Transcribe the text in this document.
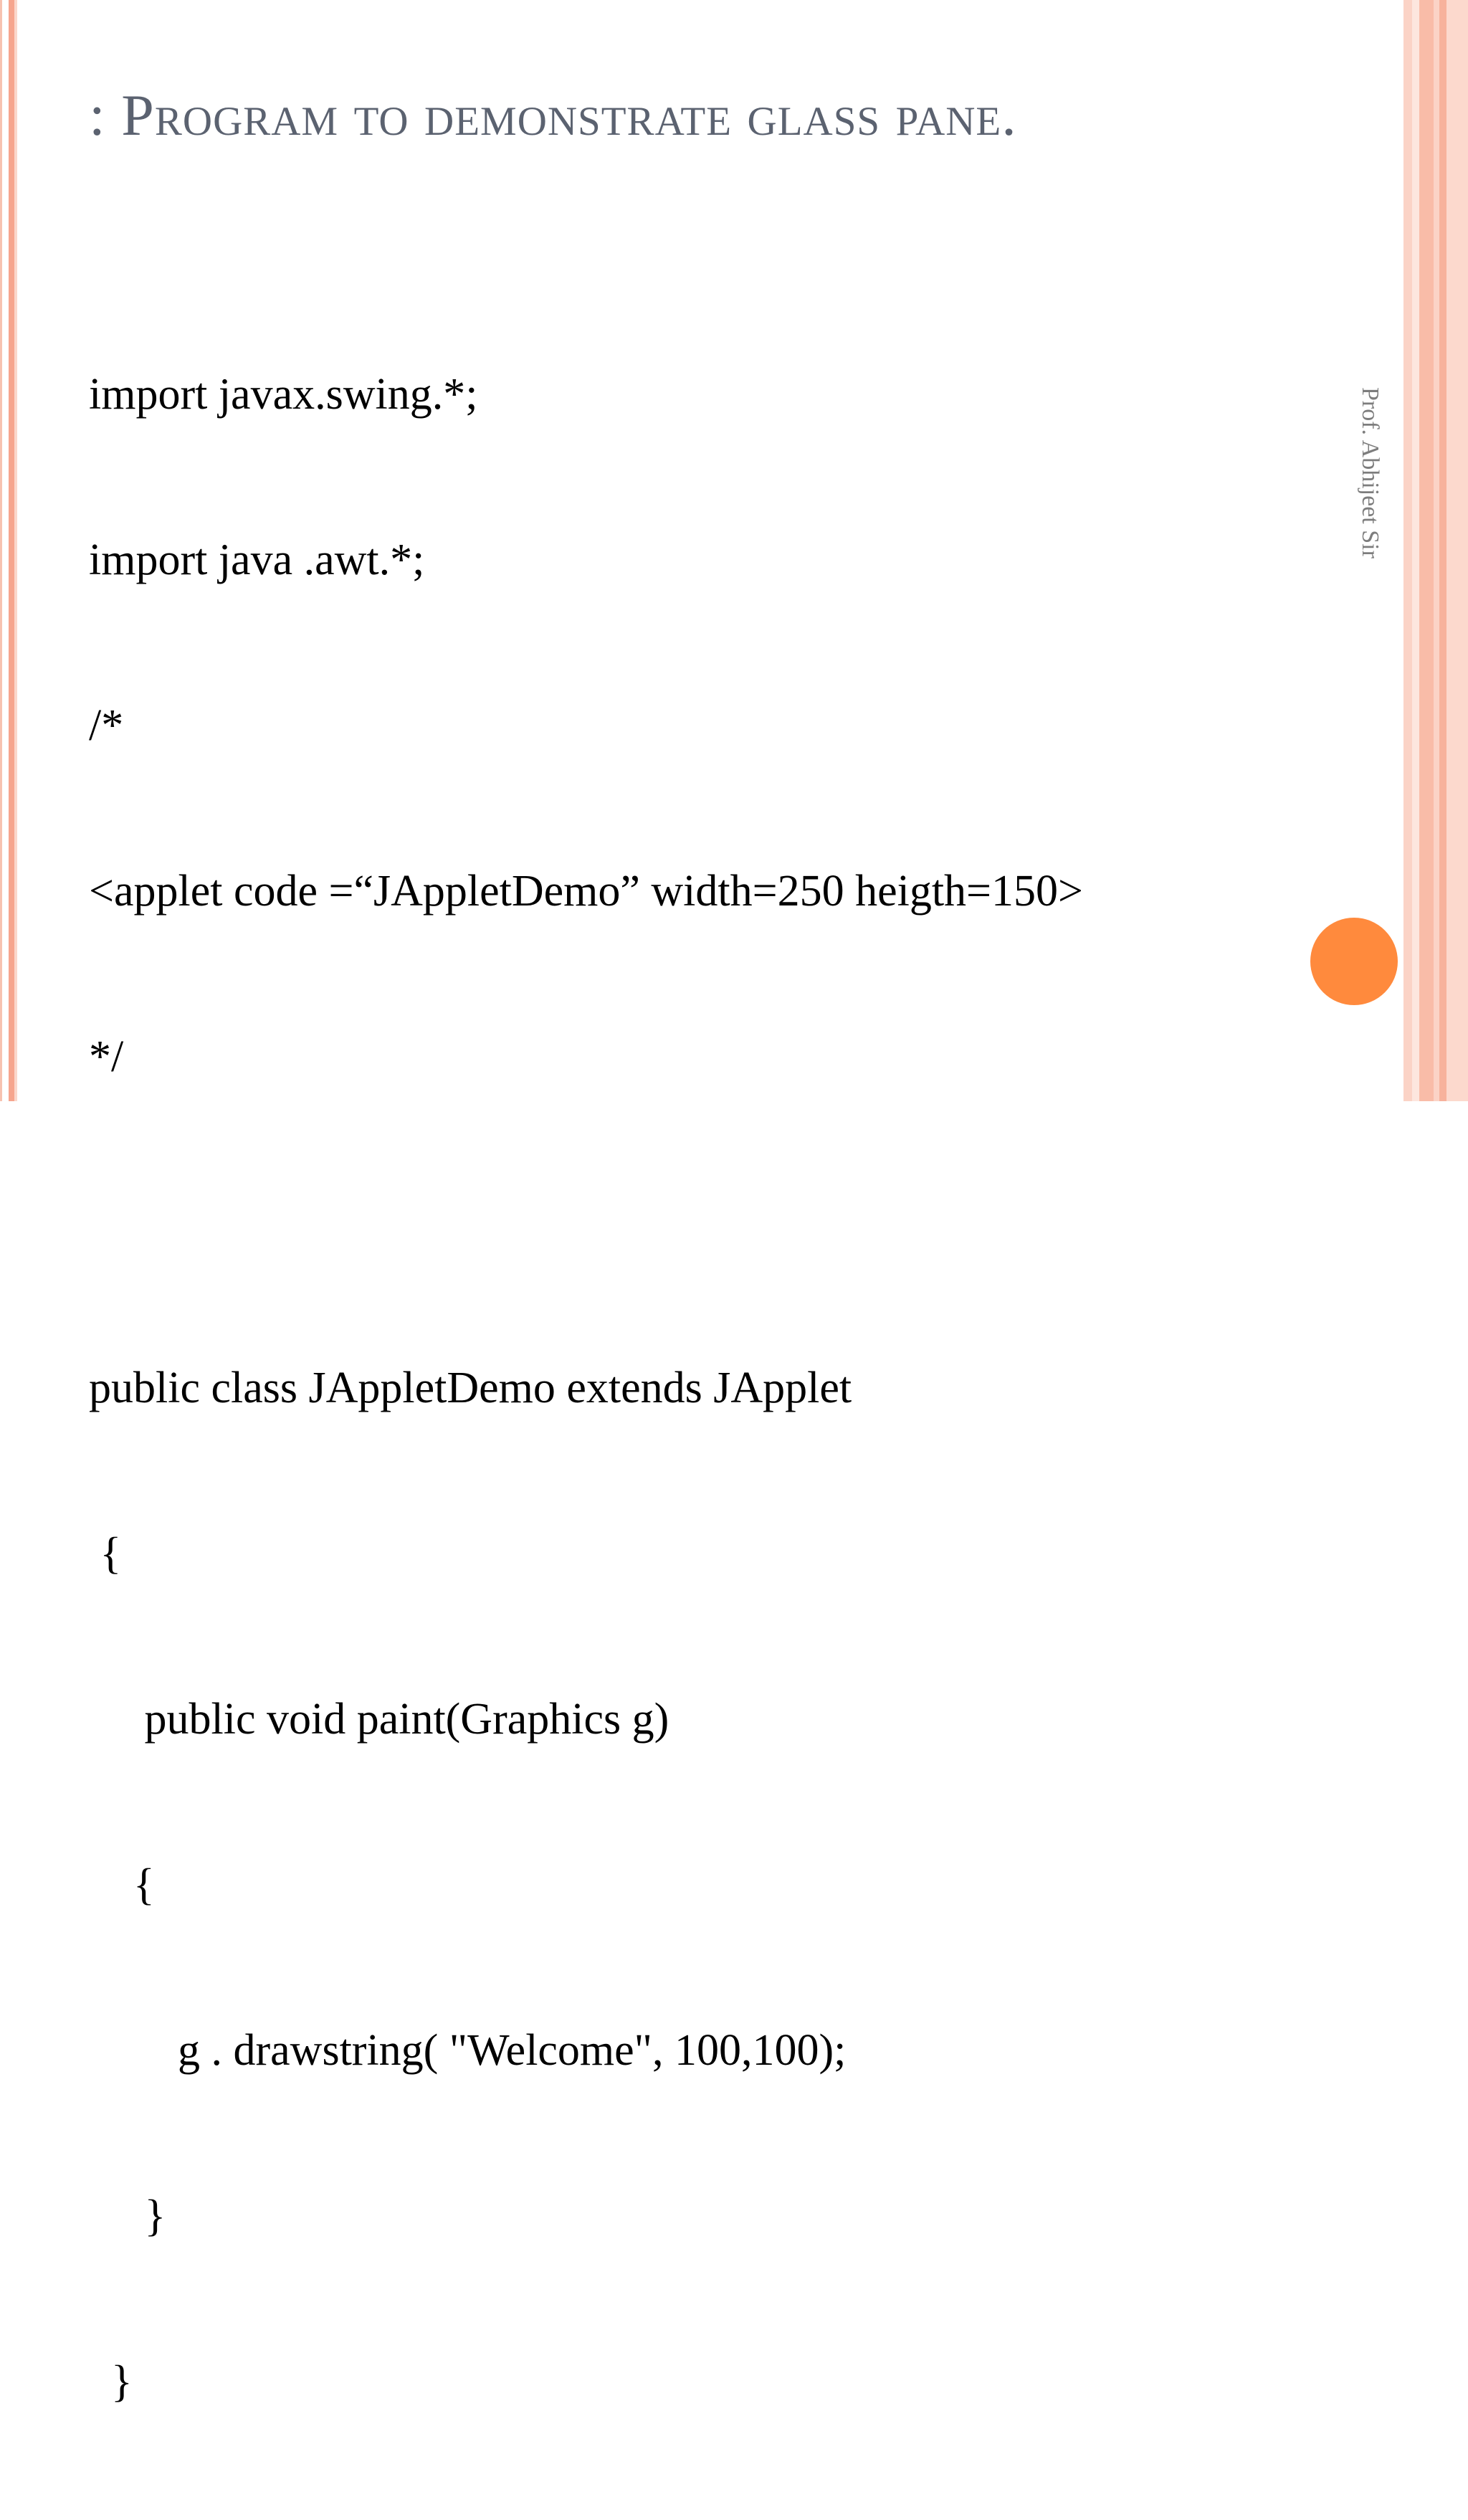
: Program to demonstrate glass pane.

import javax.swing.*;

import java .awt.*;

/*

<applet code =“JAppletDemo” width=250 heigth=150>

*/

public class JAppletDemo extends JApplet

{

public void paint(Graphics g)

{

g . drawstring( "Welcome", 100,100);

}

}

Prof. Abhijeet Sir
